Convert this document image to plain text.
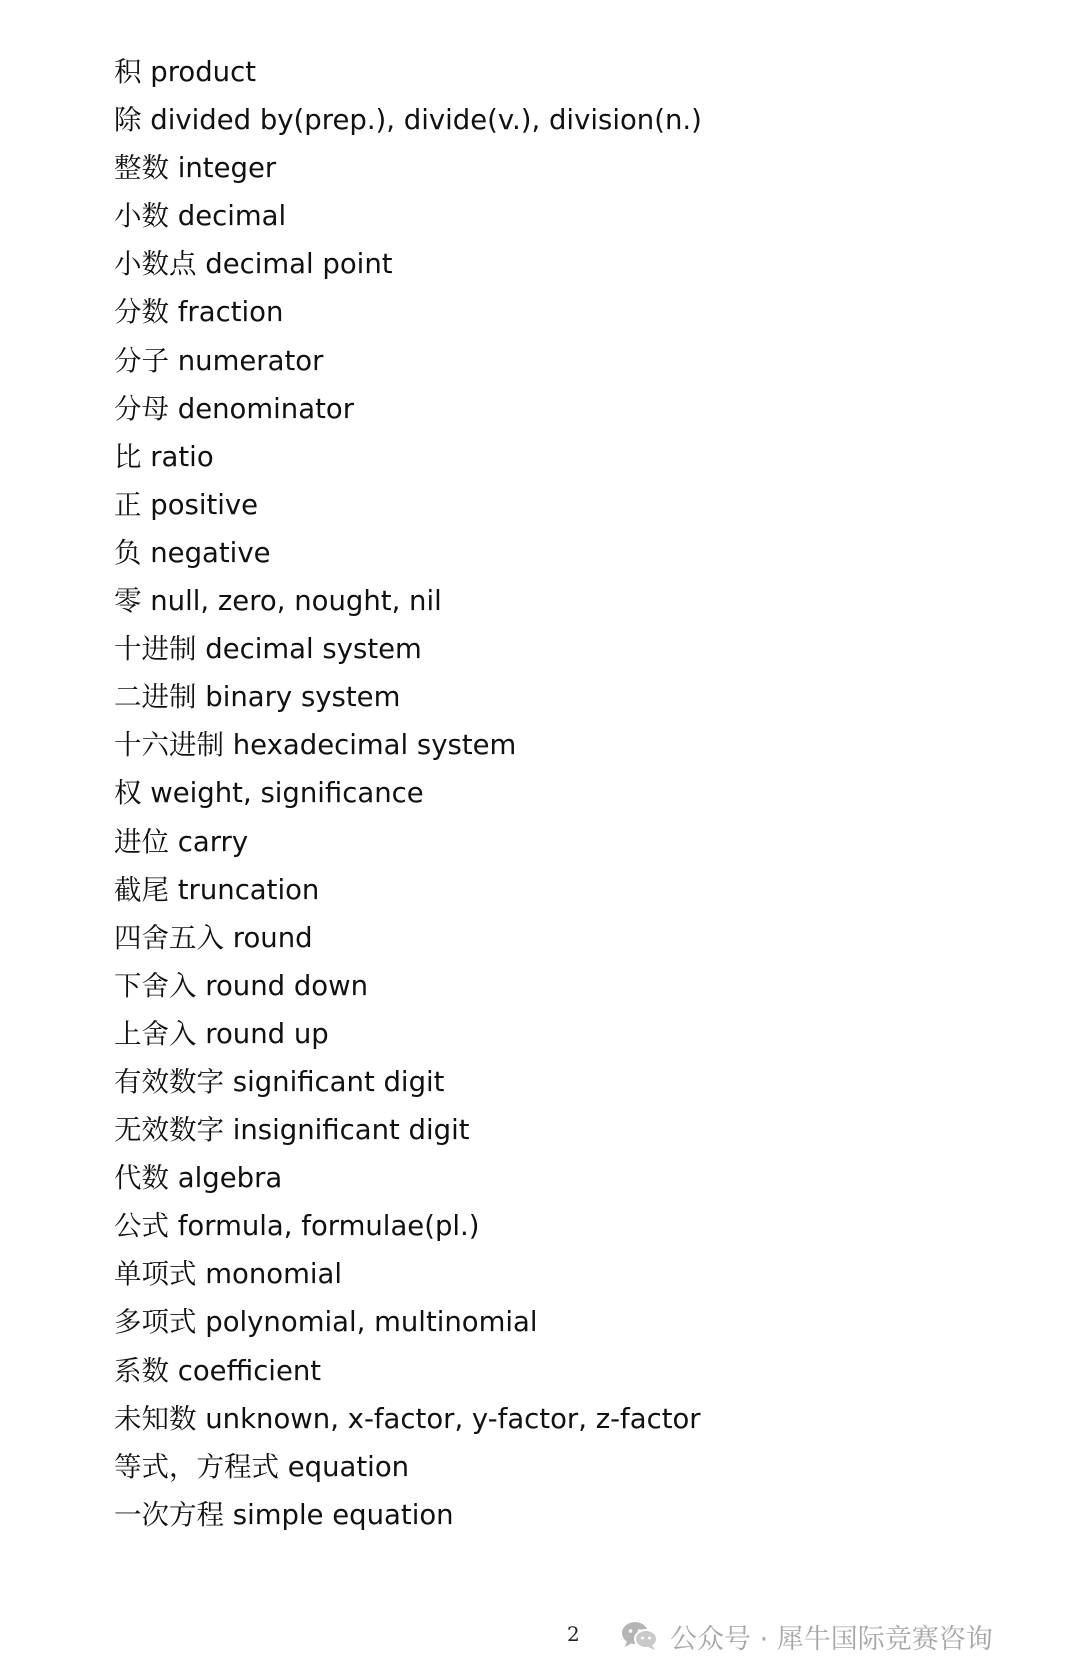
积 product
除 divided by(prep.), divide(v.), division(n.)
整数 integer
小数 decimal
小数点 decimal point
分数 fraction
分子 numerator
分母 denominator
比 ratio
正 positive
负 negative
零 null, zero, nought, nil
十进制 decimal system
二进制 binary system
十六进制 hexadecimal system
权 weight, significance
进位 carry
截尾 truncation
四舍五入 round
下舍入 round down
上舍入 round up
有效数字 significant digit
无效数字 insignificant digit
代数 algebra
公式 formula, formulae(pl.)
单项式 monomial
多项式 polynomial, multinomial
系数 coefficient
未知数 unknown, x-factor, y-factor, z-factor
等式，方程式 equation
一次方程 simple equation
2	公众号 · 犀牛国际竞赛咨询
